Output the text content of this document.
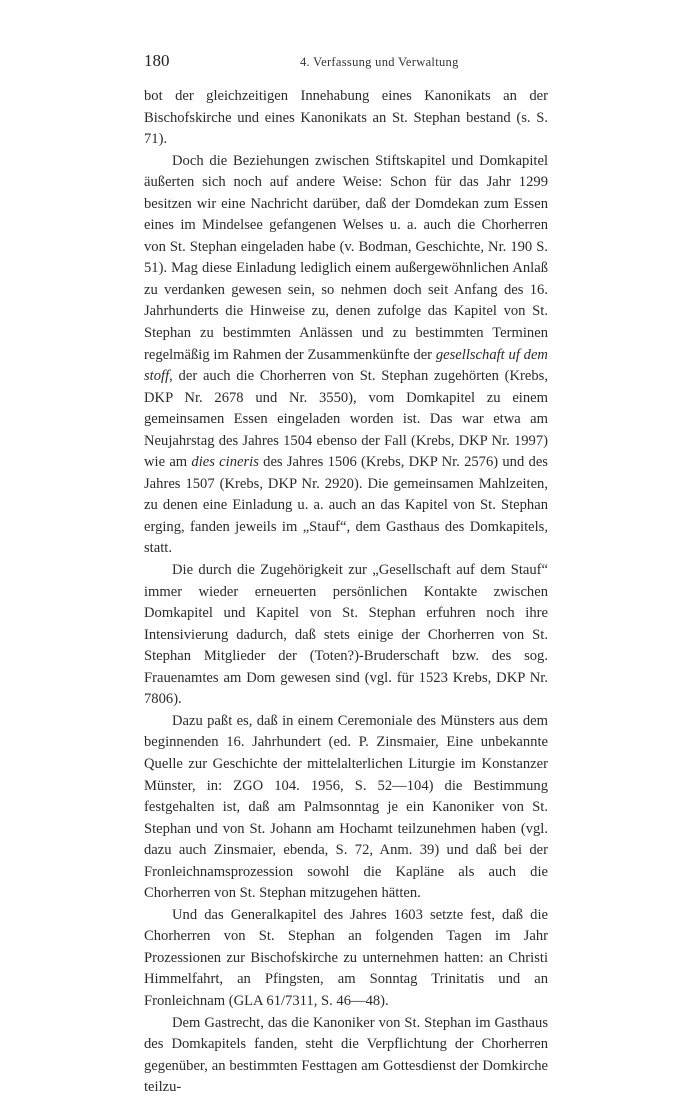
180	4. Verfassung und Verwaltung

bot der gleichzeitigen Innehabung eines Kanonikats an der Bischofskirche und eines Kanonikats an St. Stephan bestand (s. S. 71).

Doch die Beziehungen zwischen Stiftskapitel und Domkapitel äußerten sich noch auf andere Weise: Schon für das Jahr 1299 besitzen wir eine Nachricht darüber, daß der Domdekan zum Essen eines im Mindelsee gefangenen Welses u. a. auch die Chorherren von St. Stephan eingeladen habe (v. Bodman, Geschichte, Nr. 190 S. 51). Mag diese Einladung lediglich einem außergewöhnlichen Anlaß zu verdanken gewesen sein, so nehmen doch seit Anfang des 16. Jahrhunderts die Hinweise zu, denen zufolge das Kapitel von St. Stephan zu bestimmten Anlässen und zu bestimmten Terminen regelmäßig im Rahmen der Zusammenkünfte der gesellschaft uf dem stoff, der auch die Chorherren von St. Stephan zugehörten (Krebs, DKP Nr. 2678 und Nr. 3550), vom Domkapitel zu einem gemeinsamen Essen eingeladen worden ist. Das war etwa am Neujahrstag des Jahres 1504 ebenso der Fall (Krebs, DKP Nr. 1997) wie am dies cineris des Jahres 1506 (Krebs, DKP Nr. 2576) und des Jahres 1507 (Krebs, DKP Nr. 2920). Die gemeinsamen Mahlzeiten, zu denen eine Einladung u. a. auch an das Kapitel von St. Stephan erging, fanden jeweils im „Stauf“, dem Gasthaus des Domkapitels, statt.

Die durch die Zugehörigkeit zur „Gesellschaft auf dem Stauf“ immer wieder erneuerten persönlichen Kontakte zwischen Domkapitel und Kapitel von St. Stephan erfuhren noch ihre Intensivierung dadurch, daß stets einige der Chorherren von St. Stephan Mitglieder der (Toten?)-Bruderschaft bzw. des sog. Frauenamtes am Dom gewesen sind (vgl. für 1523 Krebs, DKP Nr. 7806).

Dazu paßt es, daß in einem Ceremoniale des Münsters aus dem beginnenden 16. Jahrhundert (ed. P. Zinsmaier, Eine unbekannte Quelle zur Geschichte der mittelalterlichen Liturgie im Konstanzer Münster, in: ZGO 104. 1956, S. 52—104) die Bestimmung festgehalten ist, daß am Palmsonntag je ein Kanoniker von St. Stephan und von St. Johann am Hochamt teilzunehmen haben (vgl. dazu auch Zinsmaier, ebenda, S. 72, Anm. 39) und daß bei der Fronleichnamsprozession sowohl die Kapläne als auch die Chorherren von St. Stephan mitzugehen hätten.

Und das Generalkapitel des Jahres 1603 setzte fest, daß die Chorherren von St. Stephan an folgenden Tagen im Jahr Prozessionen zur Bischofskirche zu unternehmen hatten: an Christi Himmelfahrt, an Pfingsten, am Sonntag Trinitatis und an Fronleichnam (GLA 61/7311, S. 46—48).

Dem Gastrecht, das die Kanoniker von St. Stephan im Gasthaus des Domkapitels fanden, steht die Verpflichtung der Chorherren gegenüber, an bestimmten Festtagen am Gottesdienst der Domkirche teilzu-
